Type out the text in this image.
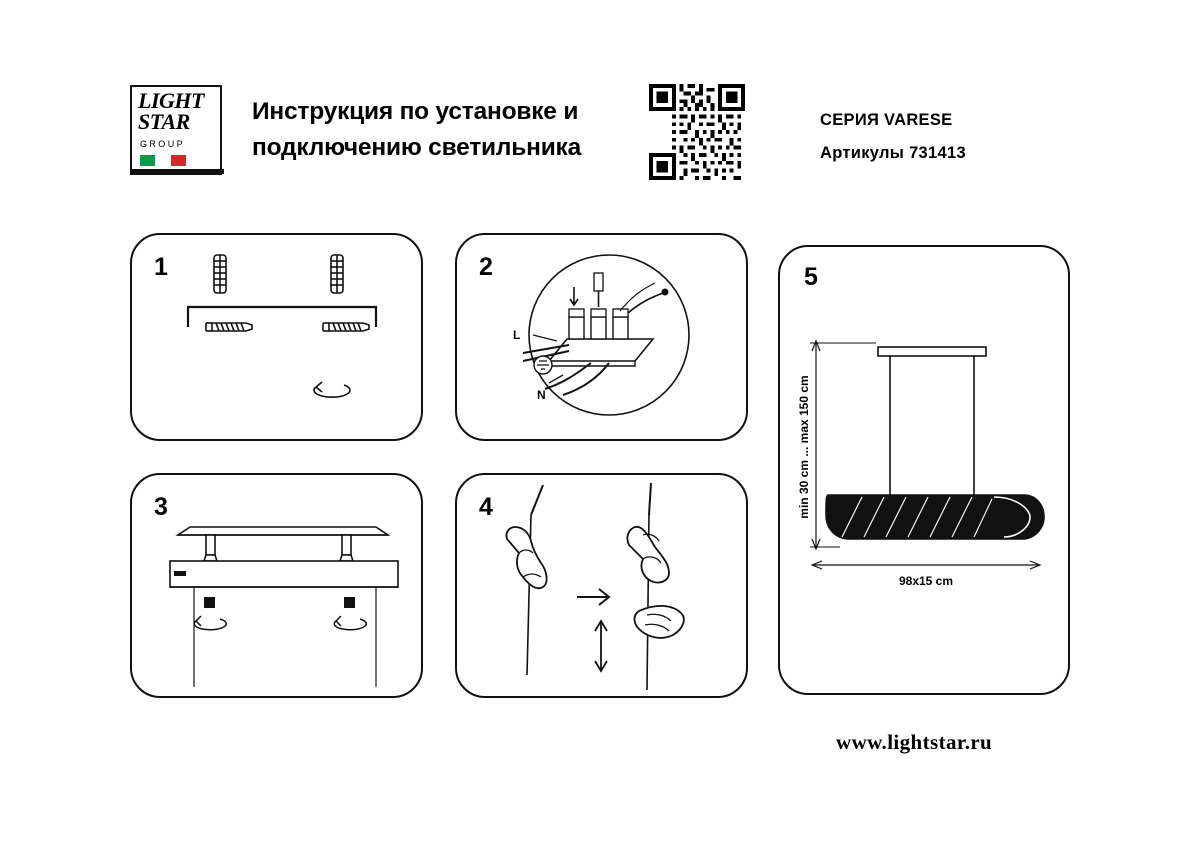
LIGHT
STAR
GROUP
Инструкция по установке и
подключению светильника
СЕРИЯ VARESE
Артикулы 731413
1	2
L
N
3	4
5
min 30 cm ... max 150 cm
98x15 cm
www.lightstar.ru
